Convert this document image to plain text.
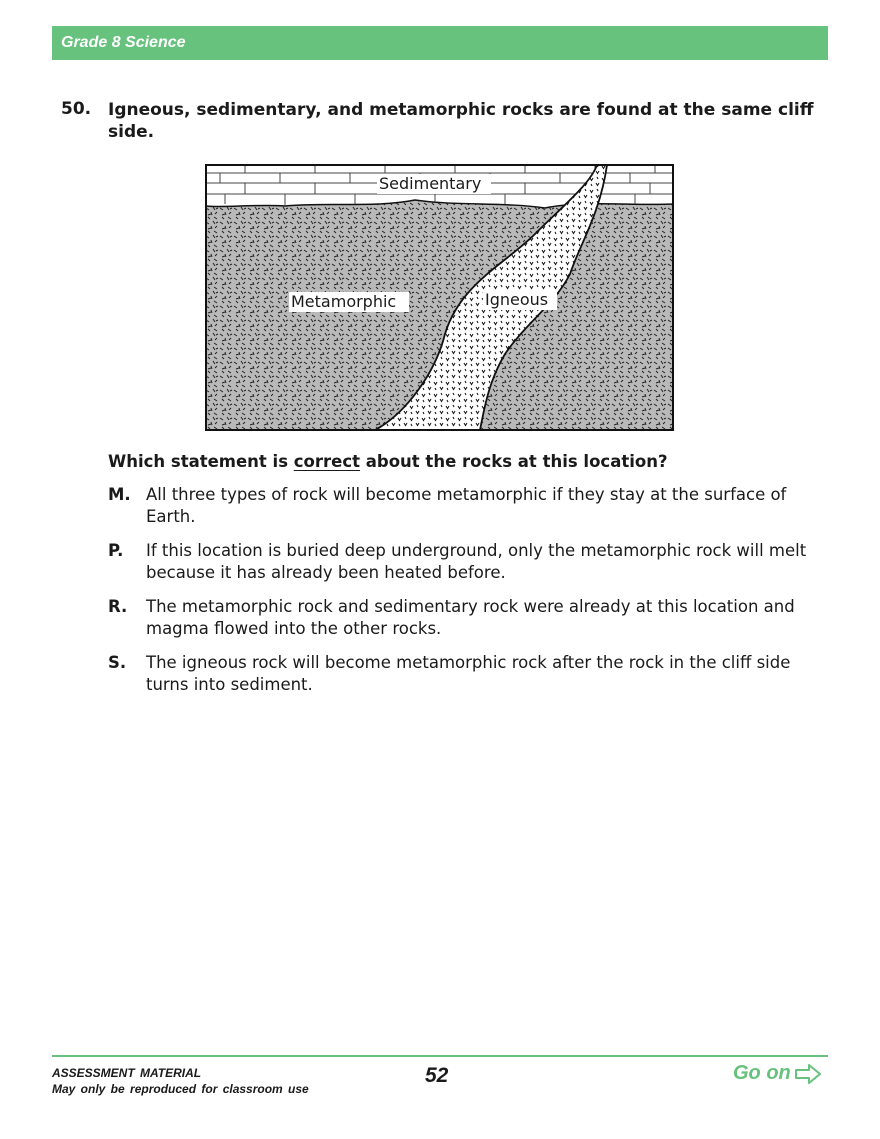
Grade 8 Science
50. Igneous, sedimentary, and metamorphic rocks are found at the same cliff side.
Sedimentary
Metamorphic	Igneous
Which statement is correct about the rocks at this location?
M. All three types of rock will become metamorphic if they stay at the surface of Earth.
P. If this location is buried deep underground, only the metamorphic rock will melt because it has already been heated before.
R. The metamorphic rock and sedimentary rock were already at this location and magma flowed into the other rocks.
S. The igneous rock will become metamorphic rock after the rock in the cliff side turns into sediment.
ASSESSMENT MATERIAL
May only be reproduced for classroom use
52	Go on
